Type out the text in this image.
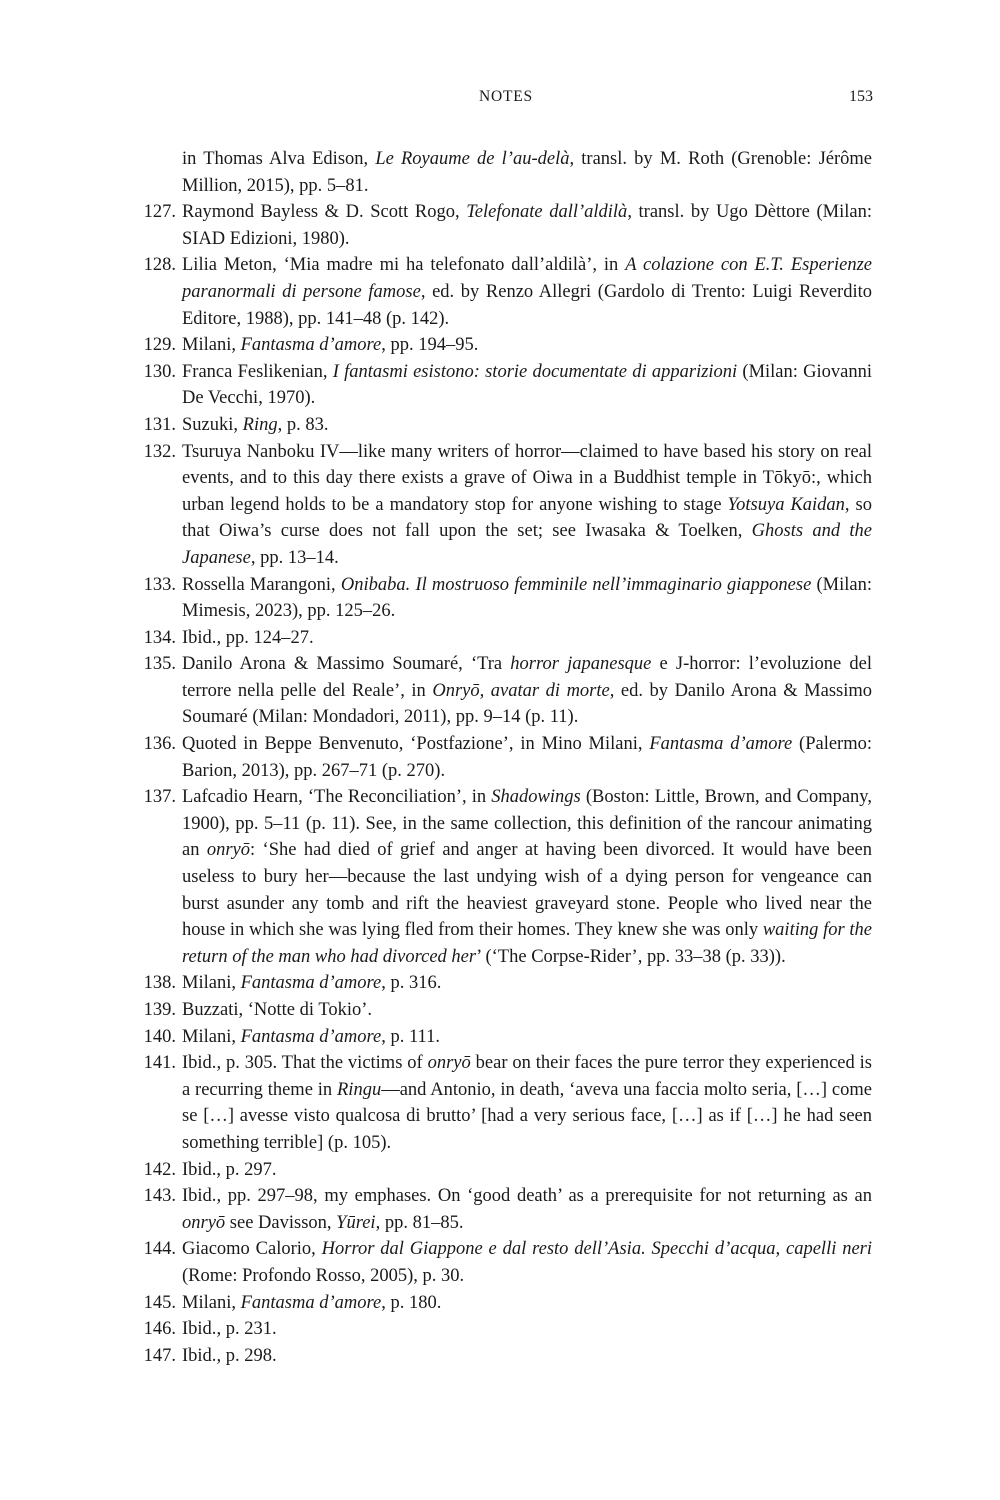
NOTES	153
in Thomas Alva Edison, Le Royaume de l’au-delà, transl. by M. Roth (Grenoble: Jérôme Million, 2015), pp. 5–81.
127. Raymond Bayless & D. Scott Rogo, Telefonate dall’aldilà, transl. by Ugo Dèttore (Milan: SIAD Edizioni, 1980).
128. Lilia Meton, ‘Mia madre mi ha telefonato dall’aldilà’, in A colazione con E.T. Esperienze paranormali di persone famose, ed. by Renzo Allegri (Gardolo di Trento: Luigi Reverdito Editore, 1988), pp. 141–48 (p. 142).
129. Milani, Fantasma d’amore, pp. 194–95.
130. Franca Feslikenian, I fantasmi esistono: storie documentate di apparizioni (Milan: Giovanni De Vecchi, 1970).
131. Suzuki, Ring, p. 83.
132. Tsuruya Nanboku IV—like many writers of horror—claimed to have based his story on real events, and to this day there exists a grave of Oiwa in a Buddhist temple in Tōkyō:, which urban legend holds to be a mandatory stop for anyone wishing to stage Yotsuya Kaidan, so that Oiwa’s curse does not fall upon the set; see Iwasaka & Toelken, Ghosts and the Japanese, pp. 13–14.
133. Rossella Marangoni, Onibaba. Il mostruoso femminile nell’immaginario giapponese (Milan: Mimesis, 2023), pp. 125–26.
134. Ibid., pp. 124–27.
135. Danilo Arona & Massimo Soumaré, ‘Tra horror japanesque e J-horror: l’evoluzione del terrore nella pelle del Reale’, in Onryō, avatar di morte, ed. by Danilo Arona & Massimo Soumaré (Milan: Mondadori, 2011), pp. 9–14 (p. 11).
136. Quoted in Beppe Benvenuto, ‘Postfazione’, in Mino Milani, Fantasma d’amore (Palermo: Barion, 2013), pp. 267–71 (p. 270).
137. Lafcadio Hearn, ‘The Reconciliation’, in Shadowings (Boston: Little, Brown, and Company, 1900), pp. 5–11 (p. 11). See, in the same collection, this definition of the rancour animating an onryō: ‘She had died of grief and anger at having been divorced. It would have been useless to bury her—because the last undying wish of a dying person for vengeance can burst asunder any tomb and rift the heaviest graveyard stone. People who lived near the house in which she was lying fled from their homes. They knew she was only waiting for the return of the man who had divorced her’ (‘The Corpse-Rider’, pp. 33–38 (p. 33)).
138. Milani, Fantasma d’amore, p. 316.
139. Buzzati, ‘Notte di Tokio’.
140. Milani, Fantasma d’amore, p. 111.
141. Ibid., p. 305. That the victims of onryō bear on their faces the pure terror they experienced is a recurring theme in Ringu—and Antonio, in death, ‘aveva una faccia molto seria, […] come se […] avesse visto qualcosa di brutto’ [had a very serious face, […] as if […] he had seen something terrible] (p. 105).
142. Ibid., p. 297.
143. Ibid., pp. 297–98, my emphases. On ‘good death’ as a prerequisite for not returning as an onryō see Davisson, Yūrei, pp. 81–85.
144. Giacomo Calorio, Horror dal Giappone e dal resto dell’Asia. Specchi d’acqua, capelli neri (Rome: Profondo Rosso, 2005), p. 30.
145. Milani, Fantasma d’amore, p. 180.
146. Ibid., p. 231.
147. Ibid., p. 298.
